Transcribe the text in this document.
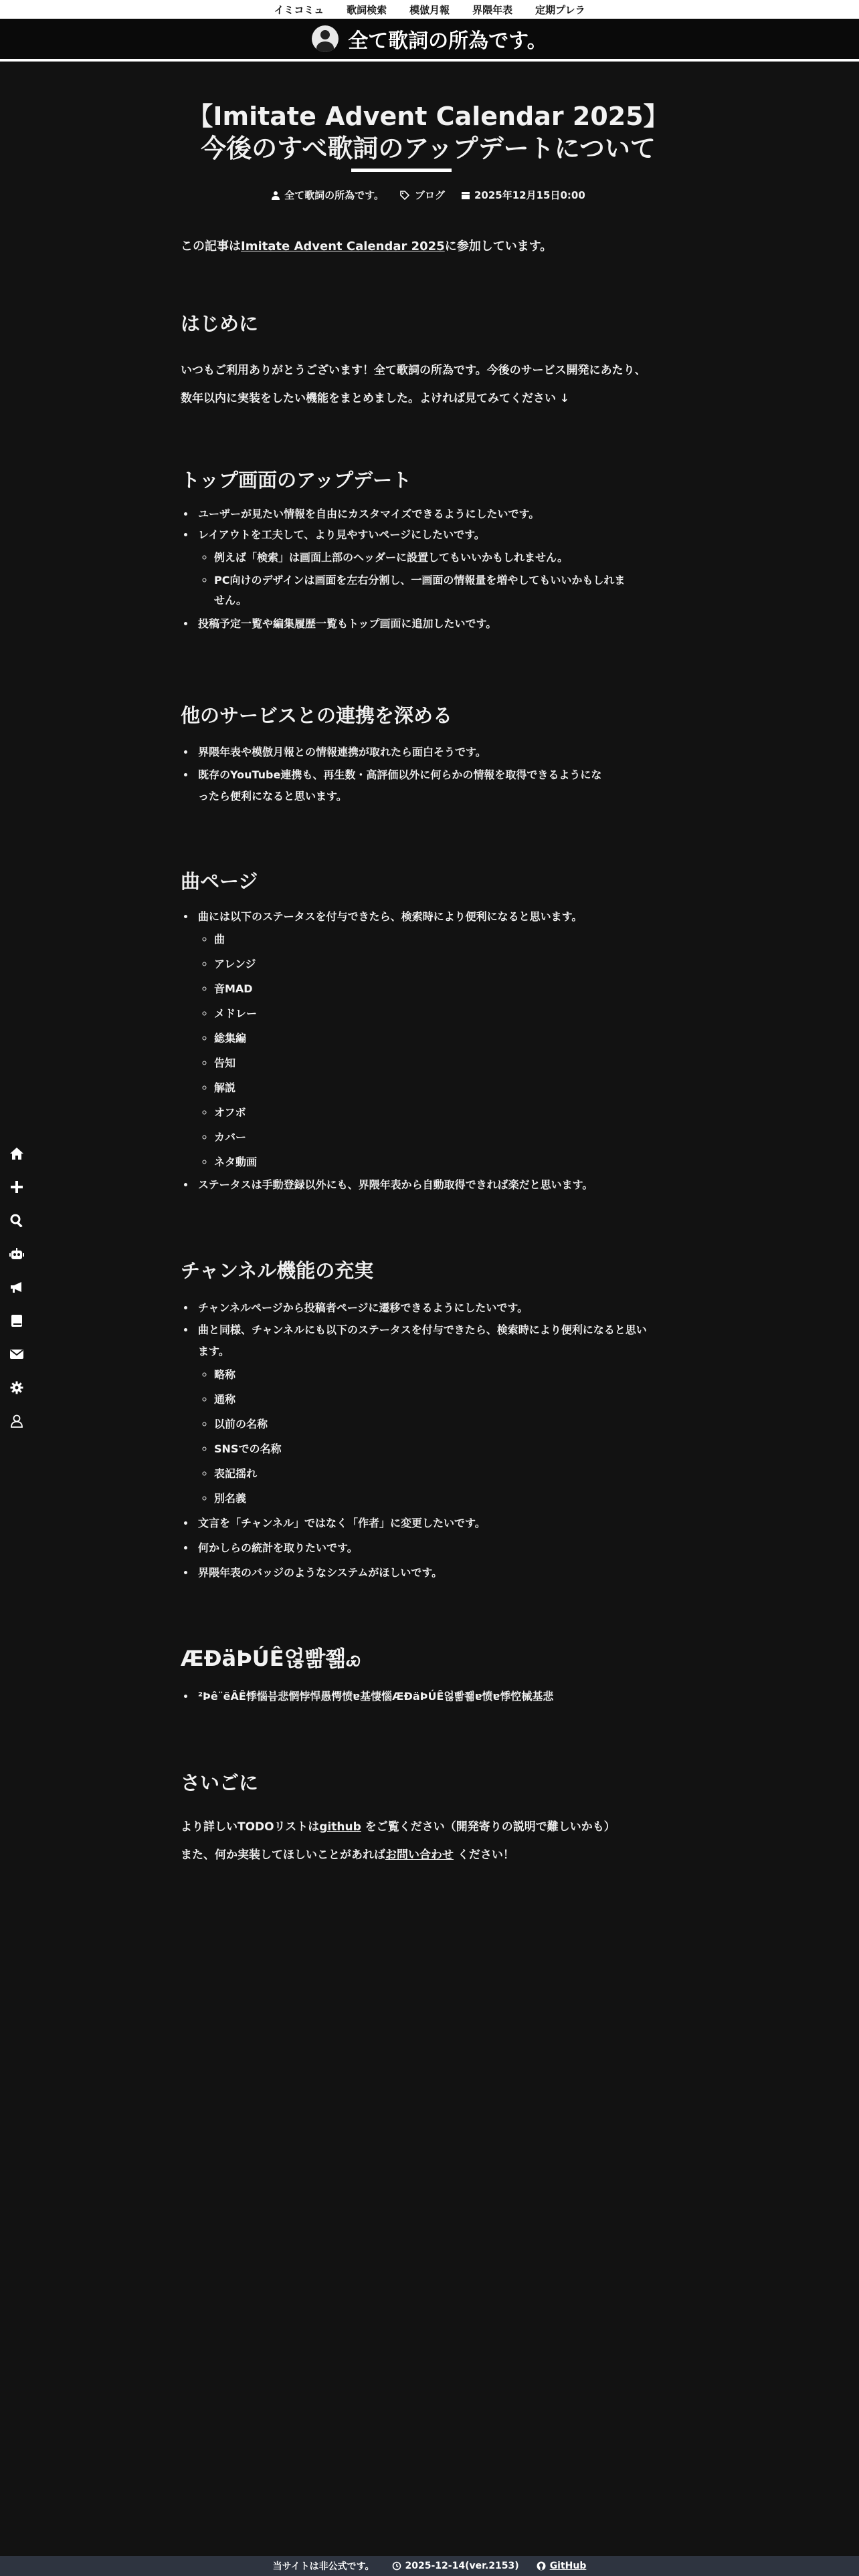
イミコミュ 歌詞検索 模倣月報 界隈年表 定期プレラ
全て歌詞の所為です。
【Imitate Advent Calendar 2025】
今後のすべ歌詞のアップデートについて
全て歌詞の所為です。	ブログ	2025年12月15日0:00
この記事はImitate Advent Calendar 2025に参加しています。
はじめに

いつもご利用ありがとうございます！全て歌詞の所為です。今後のサービス開発にあたり、

数年以内に実装をしたい機能をまとめました。よければ見てみてください ↓

トップ画面のアップデート
• ユーザーが見たい情報を自由にカスタマイズできるようにしたいです。
• レイアウトを工夫して、より見やすいページにしたいです。
◦ 例えば「検索」は画面上部のヘッダーに設置してもいいかもしれません。
◦ PC向けのデザインは画面を左右分割し、一画面の情報量を増やしてもいいかもしれま
せん。
• 投稿予定一覧や編集履歴一覧もトップ画面に追加したいです。
他のサービスとの連携を深める
• 界隈年表や模倣月報との情報連携が取れたら面白そうです。
• 既存のYouTube連携も、再生数・高評価以外に何らかの情報を取得できるようにな
ったら便利になると思います。
曲ページ
• 曲には以下のステータスを付与できたら、検索時により便利になると思います。
◦ 曲
◦ アレンジ
◦ 音MAD
◦ メドレー
◦ 総集編
◦ 告知
◦ 解説
◦ オフボ
◦ カバー
◦ ネタ動画
• ステータスは手動登録以外にも、界隈年表から自動取得できれば楽だと思います。
チャンネル機能の充実
• チャンネルページから投稿者ページに遷移できるようにしたいです。
• 曲と同様、チャンネルにも以下のステータスを付与できたら、検索時により便利になると思い
ます。
◦ 略称
◦ 通称
◦ 以前の名称
◦ SNSでの名称
◦ 表記揺れ
◦ 別名義
• 文言を「チャンネル」ではなく「作者」に変更したいです。
• 何かしらの統計を取りたいです。
• 界隈年表のバッジのようなシステムがほしいです。
ÆĐäÞÚÊ얺빪쫾ꮿ
• ²Þê¨ëÂÊ悸惱븜悲惘悖悍愚愕愤ɐ基悽惱ÆĐäÞÚÊ얺빪쫾ɐ愤ɐ悸悾械基悲
さいごに

より詳しいTODOリストはgithub をご覧ください（開発寄りの説明で難しいかも）

また、何か実装してほしいことがあればお問い合わせ ください！

当サイトは非公式です。	2025-12-14(ver.2153)	GitHub
